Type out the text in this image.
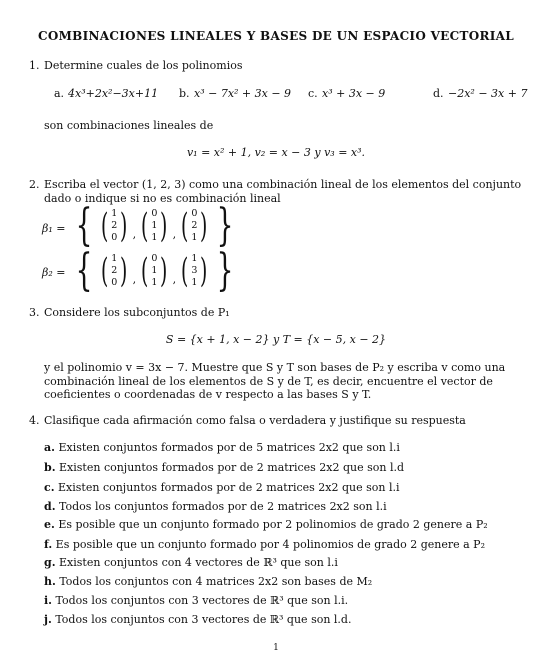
COMBINACIONES LINEALES Y BASES DE UN ESPACIO VECTORIAL
1. Determine cuales de los polinomios
a. 4x³+2x²−3x+11 b. x³ − 7x² + 3x − 9 c. x³ + 3x − 9	d. −2x² − 3x + 7
son combinaciones lineales de
v₁ = x² + 1, v₂ = x − 3 y v₃ = x³.
2. Escriba el vector (1, 2, 3) como una combinación lineal de los elementos del conjunto dado o indique si no es combinación lineal
β₁ = { ( 1
2
0 ) , ( 0
1
1 ) , ( 0
2
1 ) }
β₂ = { ( 1
2
0 ) , ( 0
1
1 ) , ( 1
3
1 ) }
3. Considere los subconjuntos de P₁
S = {x + 1, x − 2} y T = {x − 5, x − 2}
y el polinomio v = 3x − 7. Muestre que S y T son bases de P₂ y escriba v como una combinación lineal de los elementos de S y de T, es decir, encuentre el vector de coeficientes o coordenadas de v respecto a las bases S y T.
4. Clasifique cada afirmación como falsa o verdadera y justifique su respuesta
a. Existen conjuntos formados por de 5 matrices 2x2 que son l.i
b. Existen conjuntos formados por de 2 matrices 2x2 que son l.d
c. Existen conjuntos formados por de 2 matrices 2x2 que son l.i
d. Todos los conjuntos formados por de 2 matrices 2x2 son l.i
e. Es posible que un conjunto formado por 2 polinomios de grado 2 genere a P₂
f. Es posible que un conjunto formado por 4 polinomios de grado 2 genere a P₂
g. Existen conjuntos con 4 vectores de ℝ³ que son l.i
h. Todos los conjuntos con 4 matrices 2x2 son bases de M₂
i. Todos los conjuntos con 3 vectores de ℝ³ que son l.i.
j. Todos los conjuntos con 3 vectores de ℝ³ que son l.d.
1
